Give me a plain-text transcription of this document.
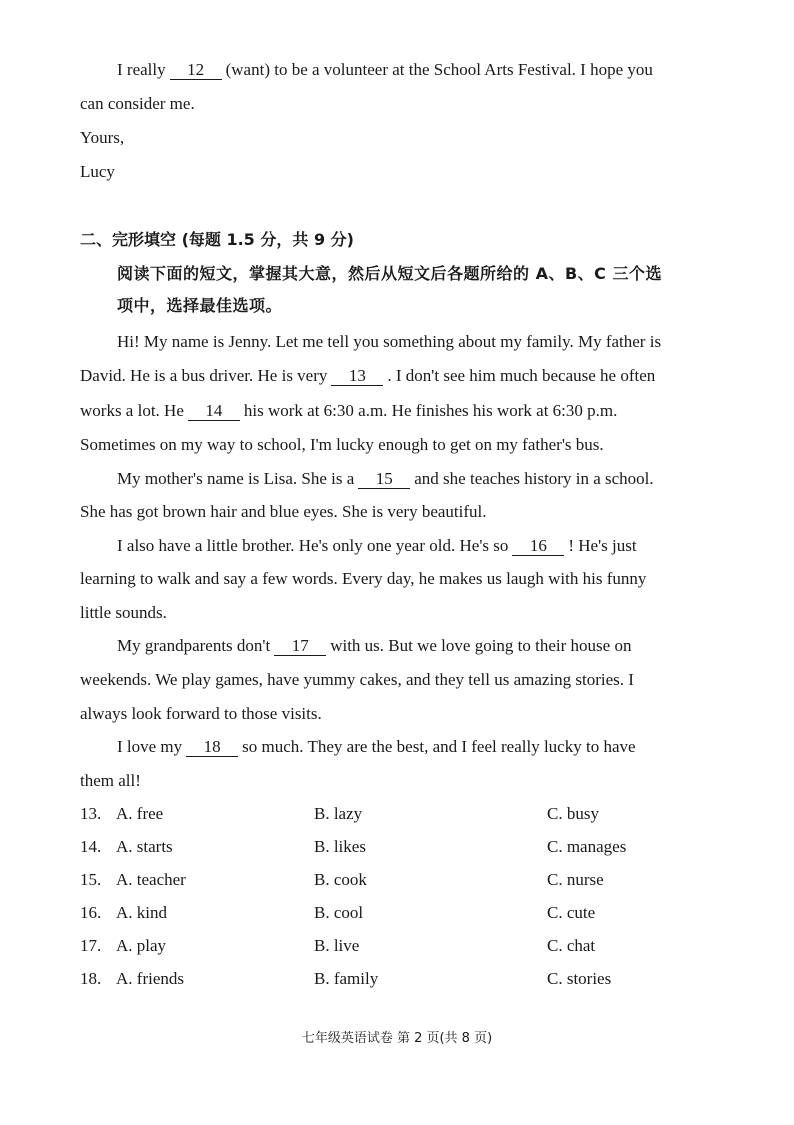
I really 12 (want) to be a volunteer at the School Arts Festival. I hope you
can consider me.
Yours,
Lucy
二、完形填空 (每题 1.5 分，共 9 分)
阅读下面的短文，掌握其大意，然后从短文后各题所给的 A、B、C 三个选
项中，选择最佳选项。
Hi! My name is Jenny. Let me tell you something about my family. My father is
David. He is a bus driver. He is very 13 . I don't see him much because he often
works a lot. He 14 his work at 6:30 a.m. He finishes his work at 6:30 p.m.
Sometimes on my way to school, I'm lucky enough to get on my father's bus.
My mother's name is Lisa. She is a 15 and she teaches history in a school.
She has got brown hair and blue eyes. She is very beautiful.
I also have a little brother. He's only one year old. He's so 16 ! He's just
learning to walk and say a few words. Every day, he makes us laugh with his funny
little sounds.
My grandparents don't 17 with us. But we love going to their house on
weekends. We play games, have yummy cakes, and they tell us amazing stories. I
always look forward to those visits.
I love my 18 so much. They are the best, and I feel really lucky to have
them all!
13. A. free	B. lazy	C. busy
14. A. starts	B. likes	C. manages
15. A. teacher	B. cook	C. nurse
16. A. kind	B. cool	C. cute
17. A. play	B. live	C. chat
18. A. friends	B. family	C. stories
七年级英语试卷 第 2 页(共 8 页)
